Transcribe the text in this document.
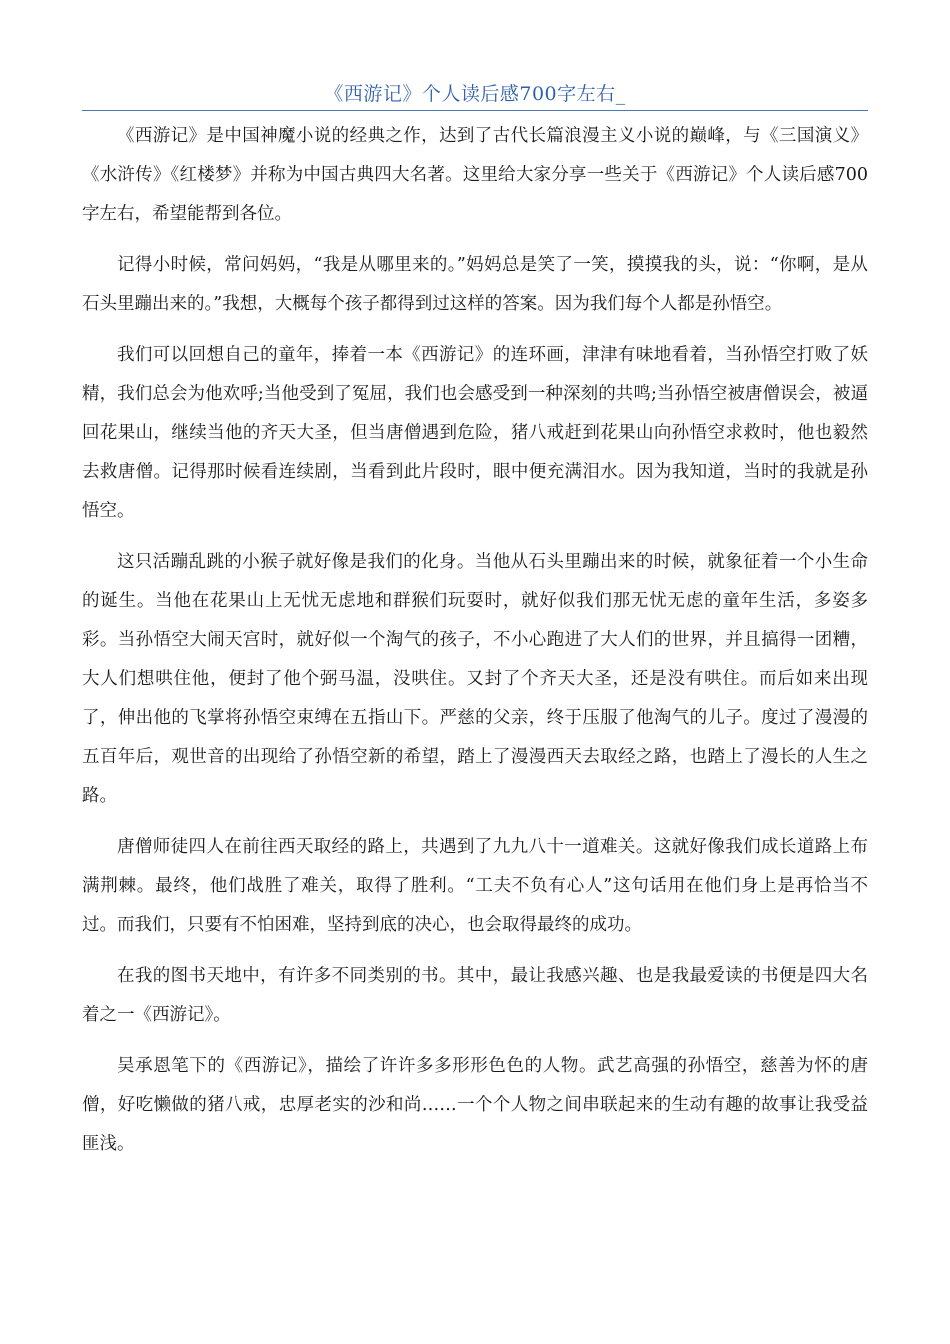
《西游记》个人读后感700字左右_

《西游记》是中国神魔小说的经典之作，达到了古代长篇浪漫主义小说的巅峰，与《三国演义》《水浒传》《红楼梦》并称为中国古典四大名著。这里给大家分享一些关于《西游记》个人读后感700字左右，希望能帮到各位。

记得小时候，常问妈妈，“我是从哪里来的。”妈妈总是笑了一笑，摸摸我的头，说：“你啊，是从石头里蹦出来的。”我想，大概每个孩子都得到过这样的答案。因为我们每个人都是孙悟空。

我们可以回想自己的童年，捧着一本《西游记》的连环画，津津有味地看着，当孙悟空打败了妖精，我们总会为他欢呼;当他受到了冤屈，我们也会感受到一种深刻的共鸣;当孙悟空被唐僧误会，被逼回花果山，继续当他的齐天大圣，但当唐僧遇到危险，猪八戒赶到花果山向孙悟空求救时，他也毅然去救唐僧。记得那时候看连续剧，当看到此片段时，眼中便充满泪水。因为我知道，当时的我就是孙悟空。

这只活蹦乱跳的小猴子就好像是我们的化身。当他从石头里蹦出来的时候，就象征着一个小生命的诞生。当他在花果山上无忧无虑地和群猴们玩耍时，就好似我们那无忧无虑的童年生活，多姿多彩。当孙悟空大闹天宫时，就好似一个淘气的孩子，不小心跑进了大人们的世界，并且搞得一团糟，大人们想哄住他，便封了他个弼马温，没哄住。又封了个齐天大圣，还是没有哄住。而后如来出现了，伸出他的飞掌将孙悟空束缚在五指山下。严慈的父亲，终于压服了他淘气的儿子。度过了漫漫的五百年后，观世音的出现给了孙悟空新的希望，踏上了漫漫西天去取经之路，也踏上了漫长的人生之路。

唐僧师徒四人在前往西天取经的路上，共遇到了九九八十一道难关。这就好像我们成长道路上布满荆棘。最终，他们战胜了难关，取得了胜利。“工夫不负有心人”这句话用在他们身上是再恰当不过。而我们，只要有不怕困难，坚持到底的决心，也会取得最终的成功。

在我的图书天地中，有许多不同类别的书。其中，最让我感兴趣、也是我最爱读的书便是四大名着之一《西游记》。

吴承恩笔下的《西游记》，描绘了许许多多形形色色的人物。武艺高强的孙悟空，慈善为怀的唐僧，好吃懒做的猪八戒，忠厚老实的沙和尚……一个个人物之间串联起来的生动有趣的故事让我受益匪浅。
